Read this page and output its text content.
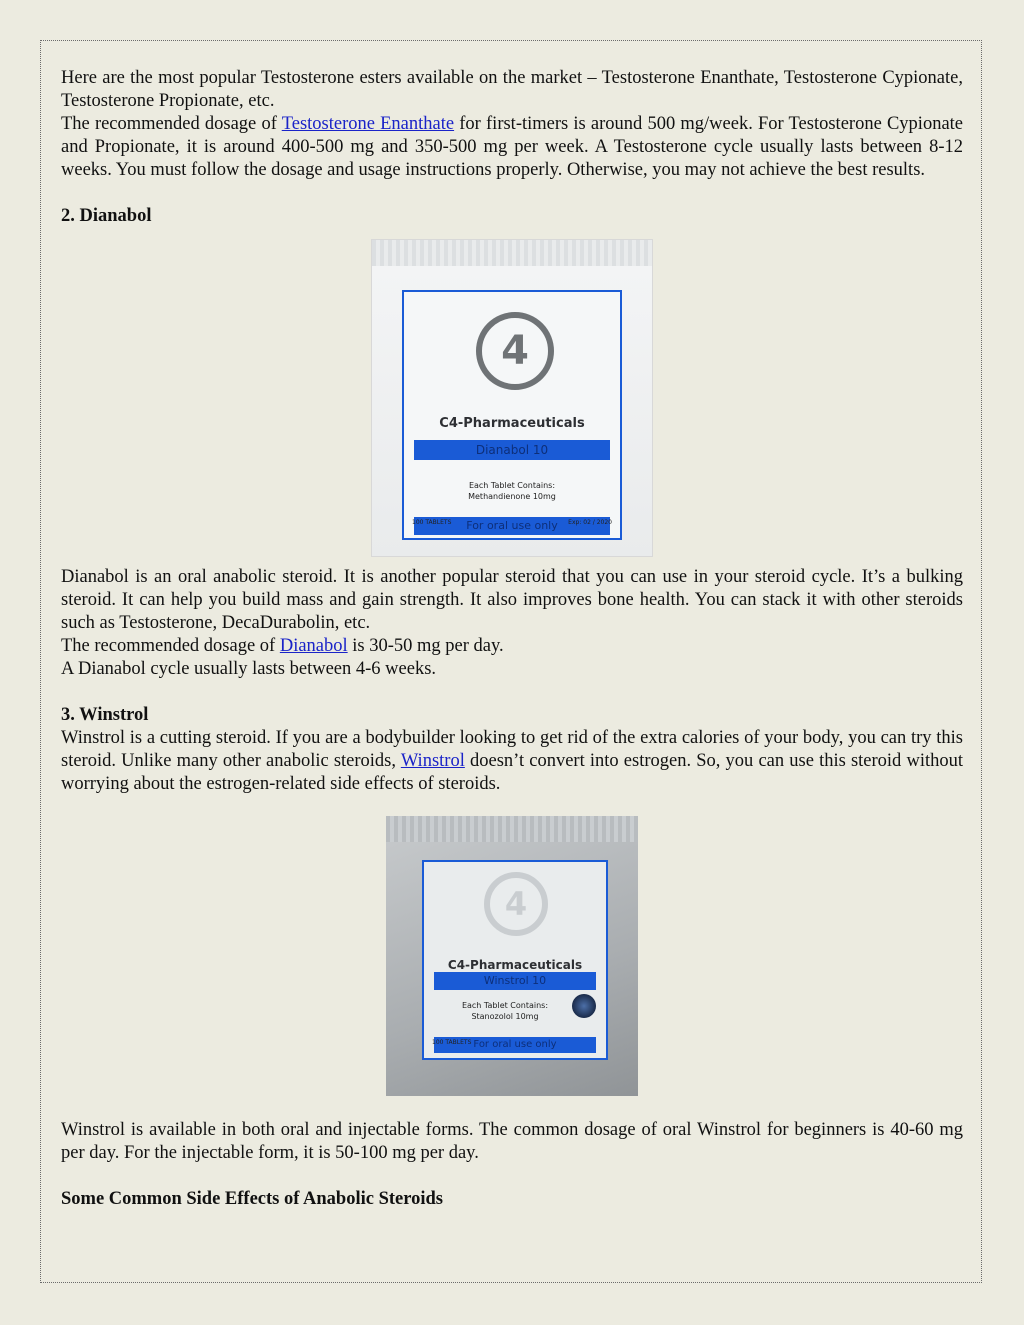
Here are the most popular Testosterone esters available on the market – Testosterone Enanthate, Testosterone Cypionate, Testosterone Propionate, etc.

The recommended dosage of Testosterone Enanthate for first-timers is around 500 mg/week. For Testosterone Cypionate and Propionate, it is around 400-500 mg and 350-500 mg per week. A Testosterone cycle usually lasts between 8-12 weeks. You must follow the dosage and usage instructions properly. Otherwise, you may not achieve the best results.

2. Dianabol
4
C4-Pharmaceuticals
Dianabol 10
Each Tablet Contains:
Methandienone 10mg
For oral use only
100 TABLETS	Exp: 02 / 2020

Dianabol is an oral anabolic steroid. It is another popular steroid that you can use in your steroid cycle. It’s a bulking steroid. It can help you build mass and gain strength. It also improves bone health. You can stack it with other steroids such as Testosterone, DecaDurabolin, etc.

The recommended dosage of Dianabol is 30-50 mg per day.

A Dianabol cycle usually lasts between 4-6 weeks.

3. Winstrol

Winstrol is a cutting steroid. If you are a bodybuilder looking to get rid of the extra calories of your body, you can try this steroid. Unlike many other anabolic steroids, Winstrol doesn’t convert into estrogen. So, you can use this steroid without worrying about the estrogen-related side effects of steroids.

4
C4-Pharmaceuticals
Winstrol 10
Each Tablet Contains:
Stanozolol 10mg
For oral use only
100 TABLETS

Winstrol is available in both oral and injectable forms. The common dosage of oral Winstrol for beginners is 40-60 mg per day. For the injectable form, it is 50-100 mg per day.

Some Common Side Effects of Anabolic Steroids
